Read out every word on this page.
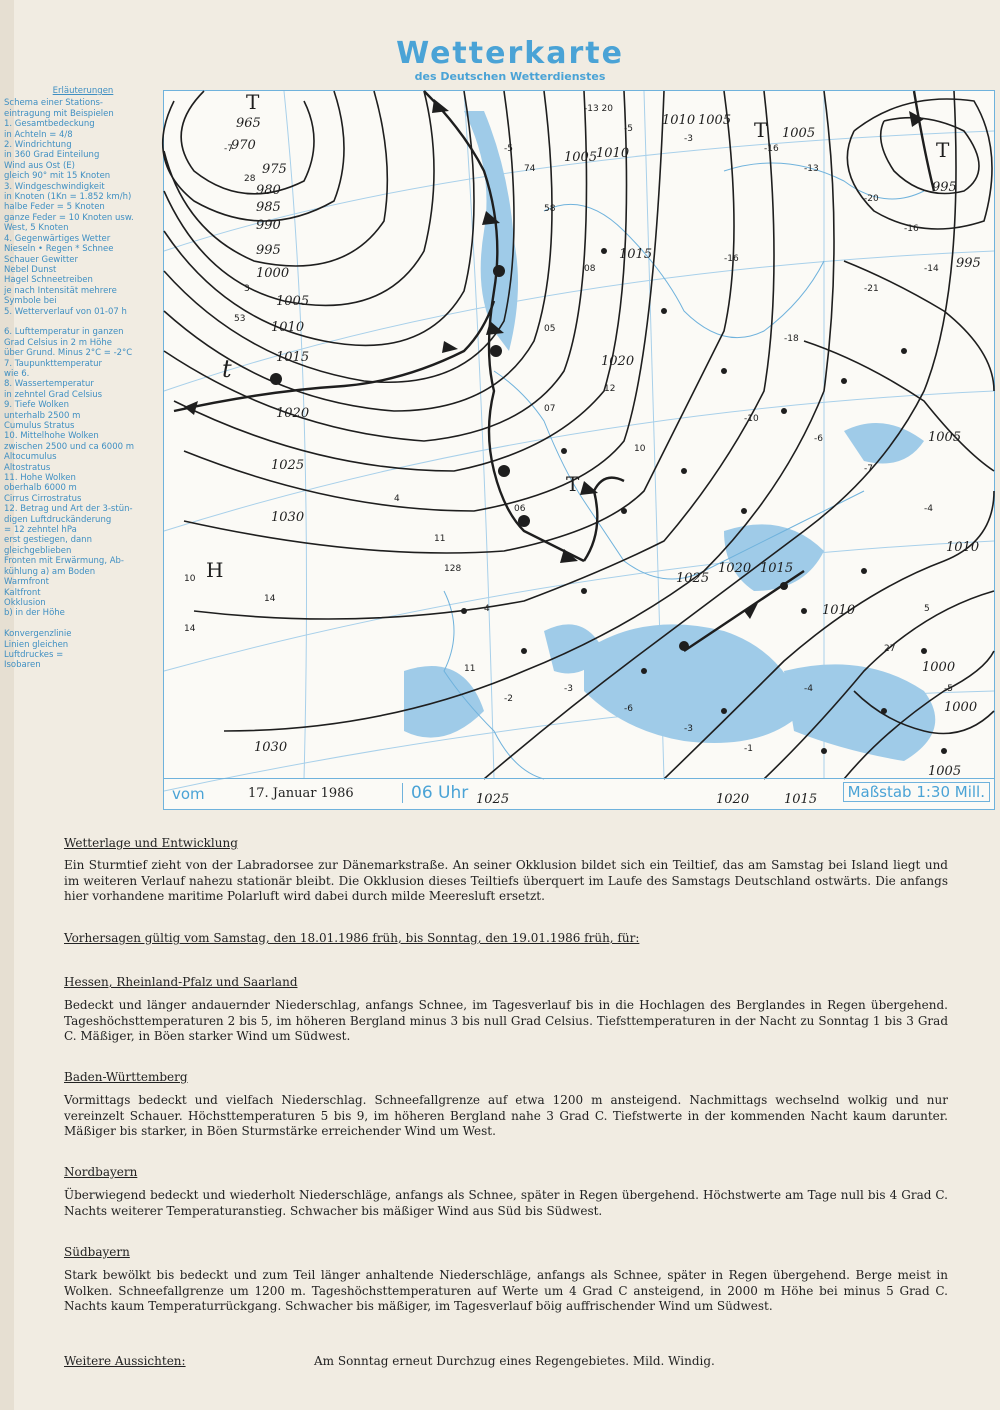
Wetterkarte
des Deutschen Wetterdienstes
Erläuterungen
Schema einer Stations-
eintragung mit Beispielen
1. Gesamtbedeckung
in Achteln = 4/8
2. Windrichtung
in 360 Grad Einteilung
Wind aus Ost (E)
gleich 90° mit 15 Knoten
3. Windgeschwindigkeit
in Knoten (1Kn = 1.852 km/h)
halbe Feder = 5 Knoten
ganze Feder = 10 Knoten usw.
West, 5 Knoten
4. Gegenwärtiges Wetter
Nieseln • Regen * Schnee
Schauer Gewitter
Nebel Dunst
Hagel Schneetreiben
je nach Intensität mehrere
Symbole bei
5. Wetterverlauf von 01-07 h

6. Lufttemperatur in ganzen
Grad Celsius in 2 m Höhe
über Grund. Minus 2°C = -2°C
7. Taupunkttemperatur
wie 6.
8. Wassertemperatur
in zehntel Grad Celsius
9. Tiefe Wolken
unterhalb 2500 m
Cumulus Stratus
10. Mittelhohe Wolken
zwischen 2500 und ca 6000 m
Altocumulus
Altostratus
11. Hohe Wolken
oberhalb 6000 m
Cirrus Cirrostratus
12. Betrag und Art der 3-stün-
digen Luftdruckänderung
= 12 zehntel hPa
erst gestiegen, dann
gleichgeblieben
Fronten mit Erwärmung, Ab-
kühlung a) am Boden
Warmfront
Kaltfront
Okklusion
b) in der Höhe

Konvergenzlinie
Linien gleichen
Luftdruckes =
Isobaren
-13 20
-5
-3
-16
-13
-20
-16
-14
-21
-18
-16
-10
-6
-7
-4
08
05
12
10
07
06
11
128
4
11
-2
-3
-6
-3
-1
-4
27
5
-5
-7
28
3
53
10
14
14
4
-5
74
58
965
970
975
980
985
990
995
1000
1005
1010
1015
1020
1025
1030
1030
1010 1005
1010
1005
1015
1020
1025
1020 1015
1010
1005
1000
1000
995
995
1005
1010
1005
1025	1020	1015
T
t
H
T
T
T
vom	17. Januar 1986	06 Uhr	Maßstab 1:30 Mill.

Wetterlage und Entwicklung

Ein Sturmtief zieht von der Labradorsee zur Dänemarkstraße. An seiner Okklusion bildet sich ein Teiltief, das am Samstag bei Island liegt und im weiteren Verlauf nahezu stationär bleibt. Die Okklusion dieses Teiltiefs überquert im Laufe des Samstags Deutschland ostwärts. Die anfangs hier vorhandene maritime Polarluft wird dabei durch milde Meeresluft ersetzt.

Vorhersagen gültig vom Samstag, den 18.01.1986 früh, bis Sonntag, den 19.01.1986 früh, für:

Hessen, Rheinland-Pfalz und Saarland

Bedeckt und länger andauernder Niederschlag, anfangs Schnee, im Tagesverlauf bis in die Hochlagen des Berglandes in Regen übergehend. Tageshöchsttemperaturen 2 bis 5, im höheren Bergland minus 3 bis null Grad Celsius. Tiefsttemperaturen in der Nacht zu Sonntag 1 bis 3 Grad C. Mäßiger, in Böen starker Wind um Südwest.

Baden-Württemberg

Vormittags bedeckt und vielfach Niederschlag. Schneefallgrenze auf etwa 1200 m ansteigend. Nachmittags wechselnd wolkig und nur vereinzelt Schauer. Höchsttemperaturen 5 bis 9, im höheren Bergland nahe 3 Grad C. Tiefstwerte in der kommenden Nacht kaum darunter. Mäßiger bis starker, in Böen Sturmstärke erreichender Wind um West.

Nordbayern

Überwiegend bedeckt und wiederholt Niederschläge, anfangs als Schnee, später in Regen übergehend. Höchstwerte am Tage null bis 4 Grad C. Nachts weiterer Temperaturanstieg. Schwacher bis mäßiger Wind aus Süd bis Südwest.

Südbayern

Stark bewölkt bis bedeckt und zum Teil länger anhaltende Niederschläge, anfangs als Schnee, später in Regen übergehend. Berge meist in Wolken. Schneefallgrenze um 1200 m. Tageshöchsttemperaturen auf Werte um 4 Grad C ansteigend, in 2000 m Höhe bei minus 5 Grad C. Nachts kaum Temperaturrückgang. Schwacher bis mäßiger, im Tagesverlauf böig auffrischender Wind um Südwest.

Weitere Aussichten:	Am Sonntag erneut Durchzug eines Regengebietes. Mild. Windig.
